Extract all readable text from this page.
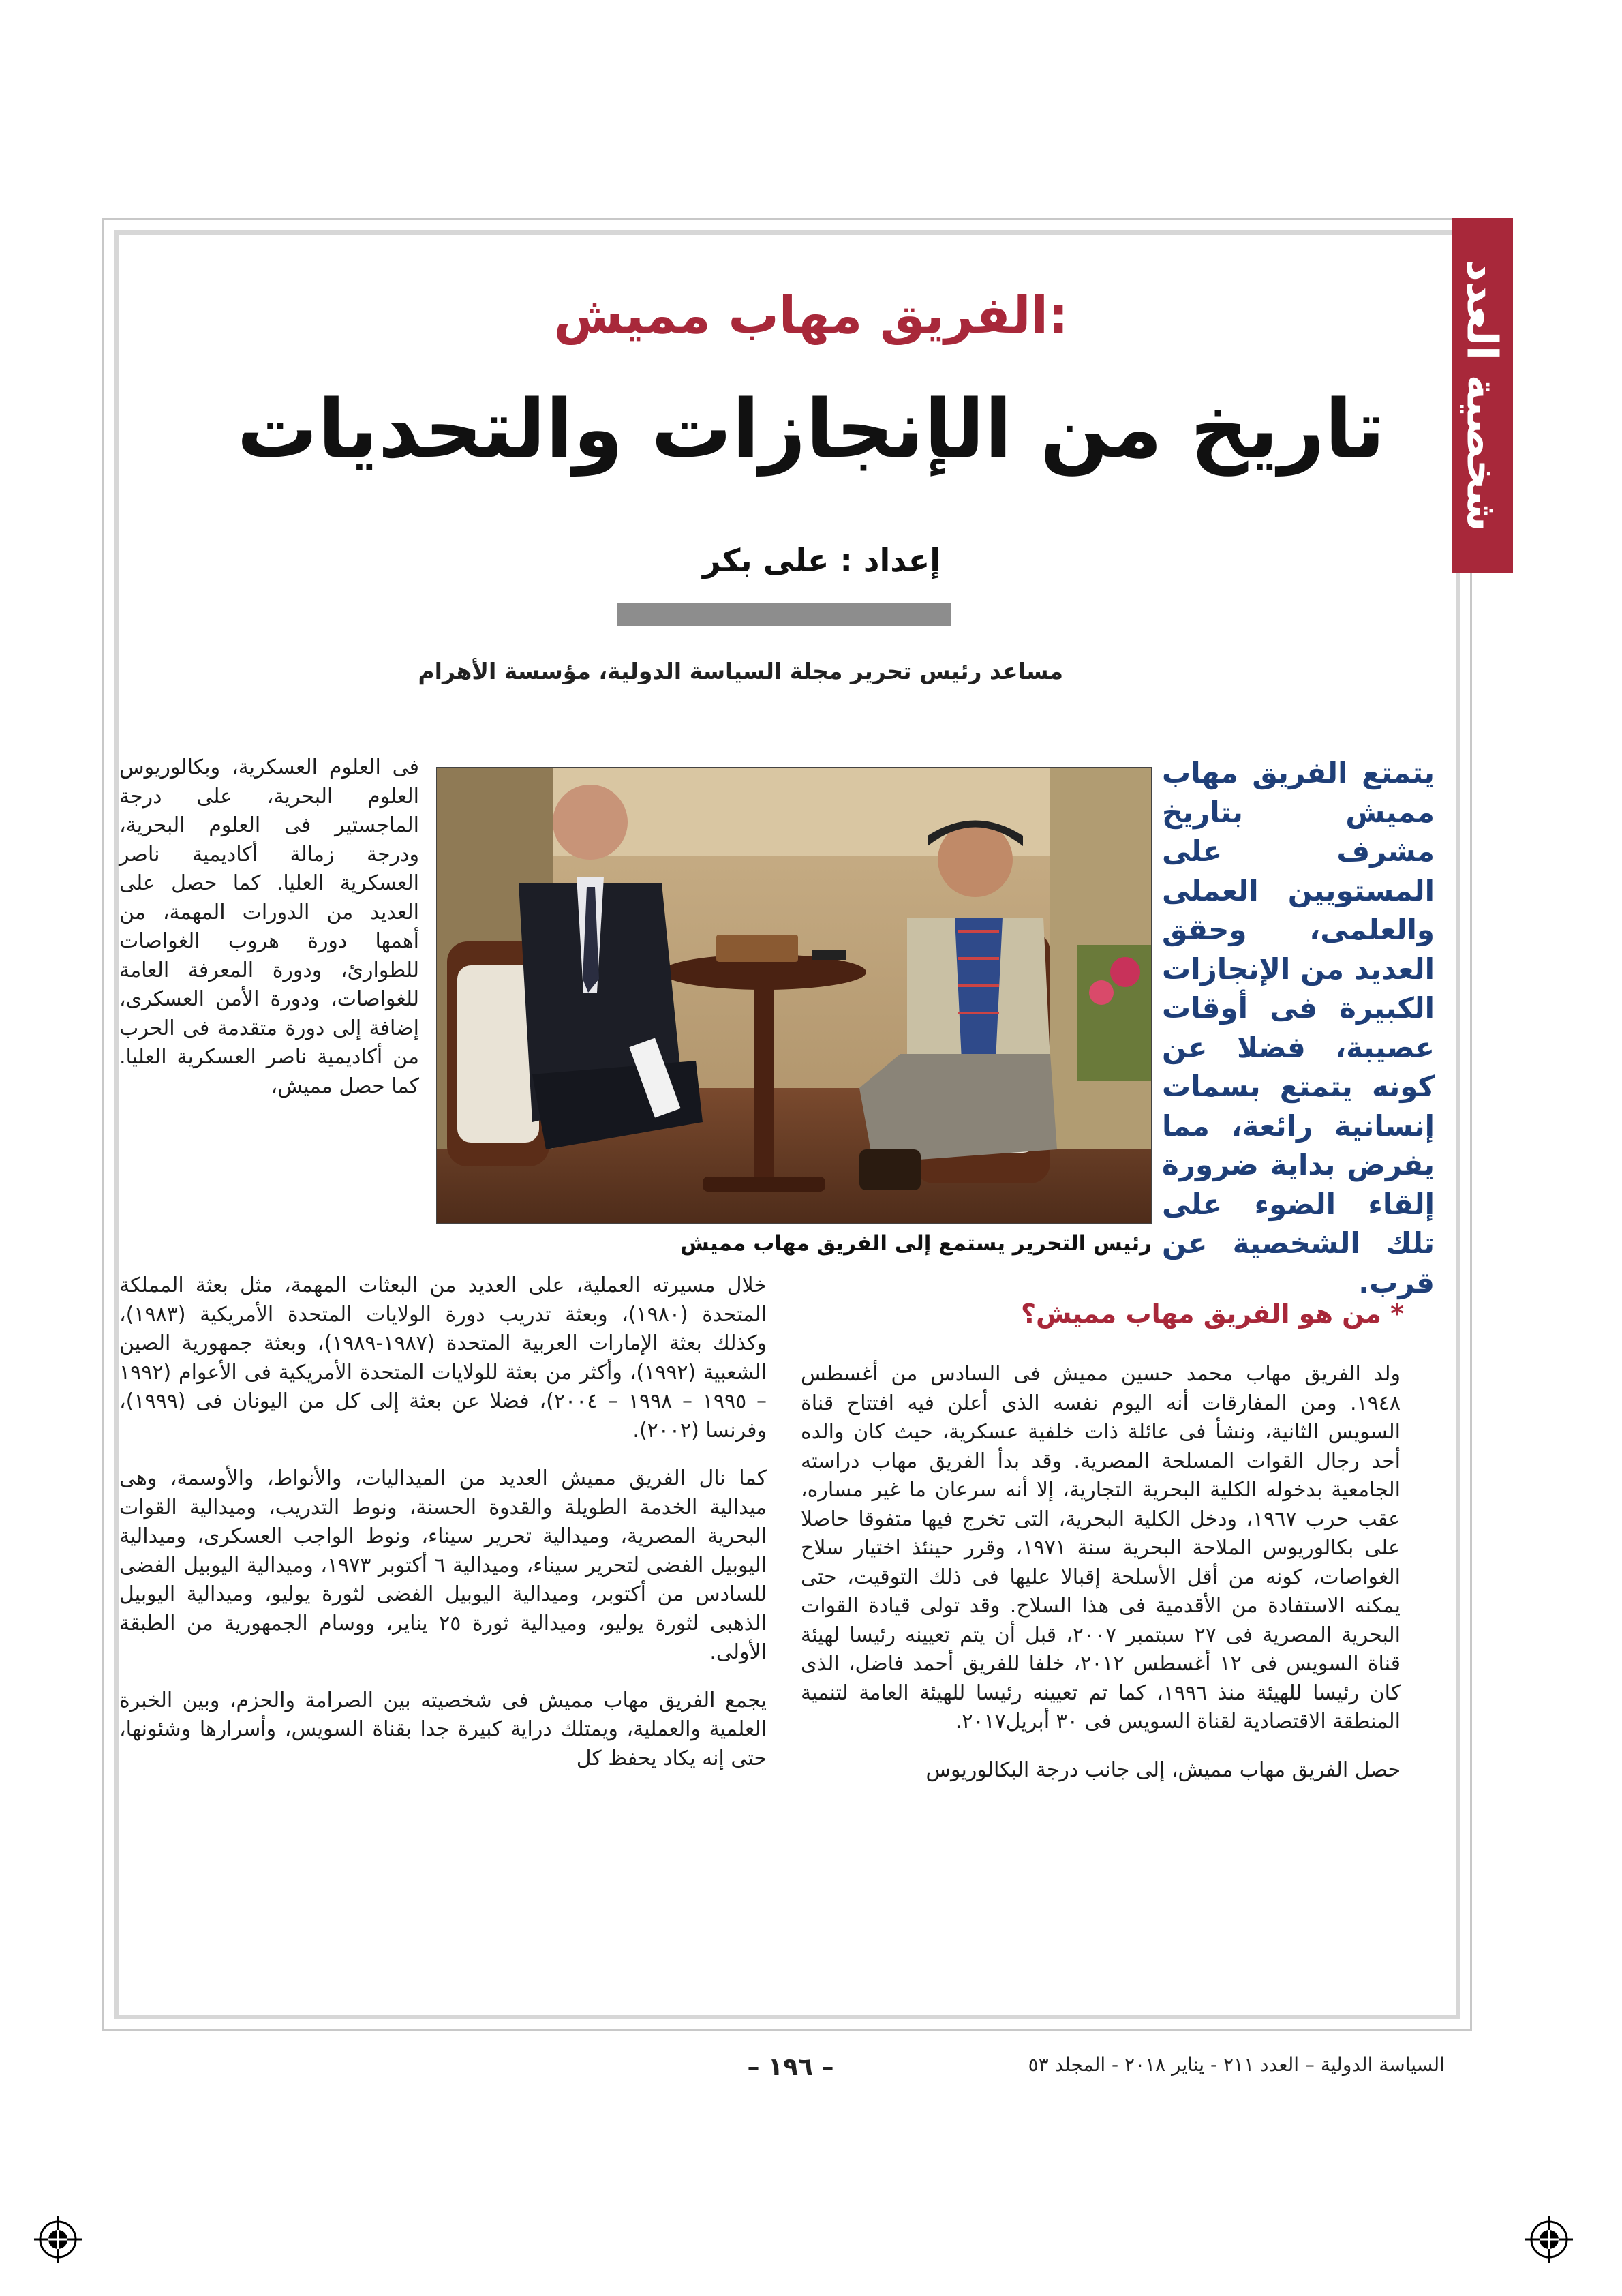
شخصية العدد
الفريق مهاب مميش:
تاريخ من الإنجازات والتحديات
إعداد : على بكر
مساعد رئيس تحرير مجلة السياسة الدولية، مؤسسة الأهرام
يتمتع الفريق مهاب مميش بتاريخ مشرف على المستويين العملى والعلمى، وحقق العديد من الإنجازات الكبيرة فى أوقات عصيبة، فضلا عن كونه يتمتع بسمات إنسانية رائعة، مما يفرض بداية ضرورة إلقاء الضوء على تلك الشخصية عن قرب.
رئيس التحرير يستمع إلى الفريق مهاب مميش

فى العلوم العسكرية، وبكالوريوس العلوم البحرية، على درجة الماجستير فى العلوم البحرية، ودرجة زمالة أكاديمية ناصر العسكرية العليا. كما حصل على العديد من الدورات المهمة، من أهمها دورة هروب الغواصات للطوارئ، ودورة المعرفة العامة للغواصات، ودورة الأمن العسكرى، إضافة إلى دورة متقدمة فى الحرب من أكاديمية ناصر العسكرية العليا. كما حصل مميش،

* من هو الفريق مهاب مميش؟

ولد الفريق مهاب محمد حسين مميش فى السادس من أغسطس ١٩٤٨. ومن المفارقات أنه اليوم نفسه الذى أعلن فيه افتتاح قناة السويس الثانية، ونشأ فى عائلة ذات خلفية عسكرية، حيث كان والده أحد رجال القوات المسلحة المصرية. وقد بدأ الفريق مهاب دراسته الجامعية بدخوله الكلية البحرية التجارية، إلا أنه سرعان ما غير مساره، عقب حرب ١٩٦٧، ودخل الكلية البحرية، التى تخرج فيها متفوقا حاصلا على بكالوريوس الملاحة البحرية سنة ١٩٧١، وقرر حينئذ اختيار سلاح الغواصات، كونه من أقل الأسلحة إقبالا عليها فى ذلك التوقيت، حتى يمكنه الاستفادة من الأقدمية فى هذا السلاح. وقد تولى قيادة القوات البحرية المصرية فى ٢٧ سبتمبر ٢٠٠٧، قبل أن يتم تعيينه رئيسا لهيئة قناة السويس فى ١٢ أغسطس ٢٠١٢، خلفا للفريق أحمد فاضل، الذى كان رئيسا للهيئة منذ ١٩٩٦، كما تم تعيينه رئيسا للهيئة العامة لتنمية المنطقة الاقتصادية لقناة السويس فى ٣٠ أبريل٢٠١٧.

حصل الفريق مهاب مميش، إلى جانب درجة البكالوريوس

خلال مسيرته العملية، على العديد من البعثات المهمة، مثل بعثة المملكة المتحدة (١٩٨٠)، وبعثة تدريب دورة الولايات المتحدة الأمريكية (١٩٨٣)، وكذلك بعثة الإمارات العربية المتحدة (١٩٨٧-١٩٨٩)، وبعثة جمهورية الصين الشعبية (١٩٩٢)، وأكثر من بعثة للولايات المتحدة الأمريكية فى الأعوام (١٩٩٢ – ١٩٩٥ – ١٩٩٨ – ٢٠٠٤)، فضلا عن بعثة إلى كل من اليونان فى (١٩٩٩)، وفرنسا (٢٠٠٢).

كما نال الفريق مميش العديد من الميداليات، والأنواط، والأوسمة، وهى ميدالية الخدمة الطويلة والقدوة الحسنة، ونوط التدريب، وميدالية القوات البحرية المصرية، وميدالية تحرير سيناء، ونوط الواجب العسكرى، وميدالية اليوبيل الفضى لتحرير سيناء، وميدالية ٦ أكتوبر ١٩٧٣، وميدالية اليوبيل الفضى للسادس من أكتوبر، وميدالية اليوبيل الفضى لثورة يوليو، وميدالية اليوبيل الذهبى لثورة يوليو، وميدالية ثورة ٢٥ يناير، ووسام الجمهورية من الطبقة الأولى.

يجمع الفريق مهاب مميش فى شخصيته بين الصرامة والحزم، وبين الخبرة العلمية والعملية، ويمتلك دراية كبيرة جدا بقناة السويس، وأسرارها وشئونها، حتى إنه يكاد يحفظ كل

– ١٩٦ –	السياسة الدولية – العدد ٢١١ - يناير ٢٠١٨ - المجلد ٥٣
